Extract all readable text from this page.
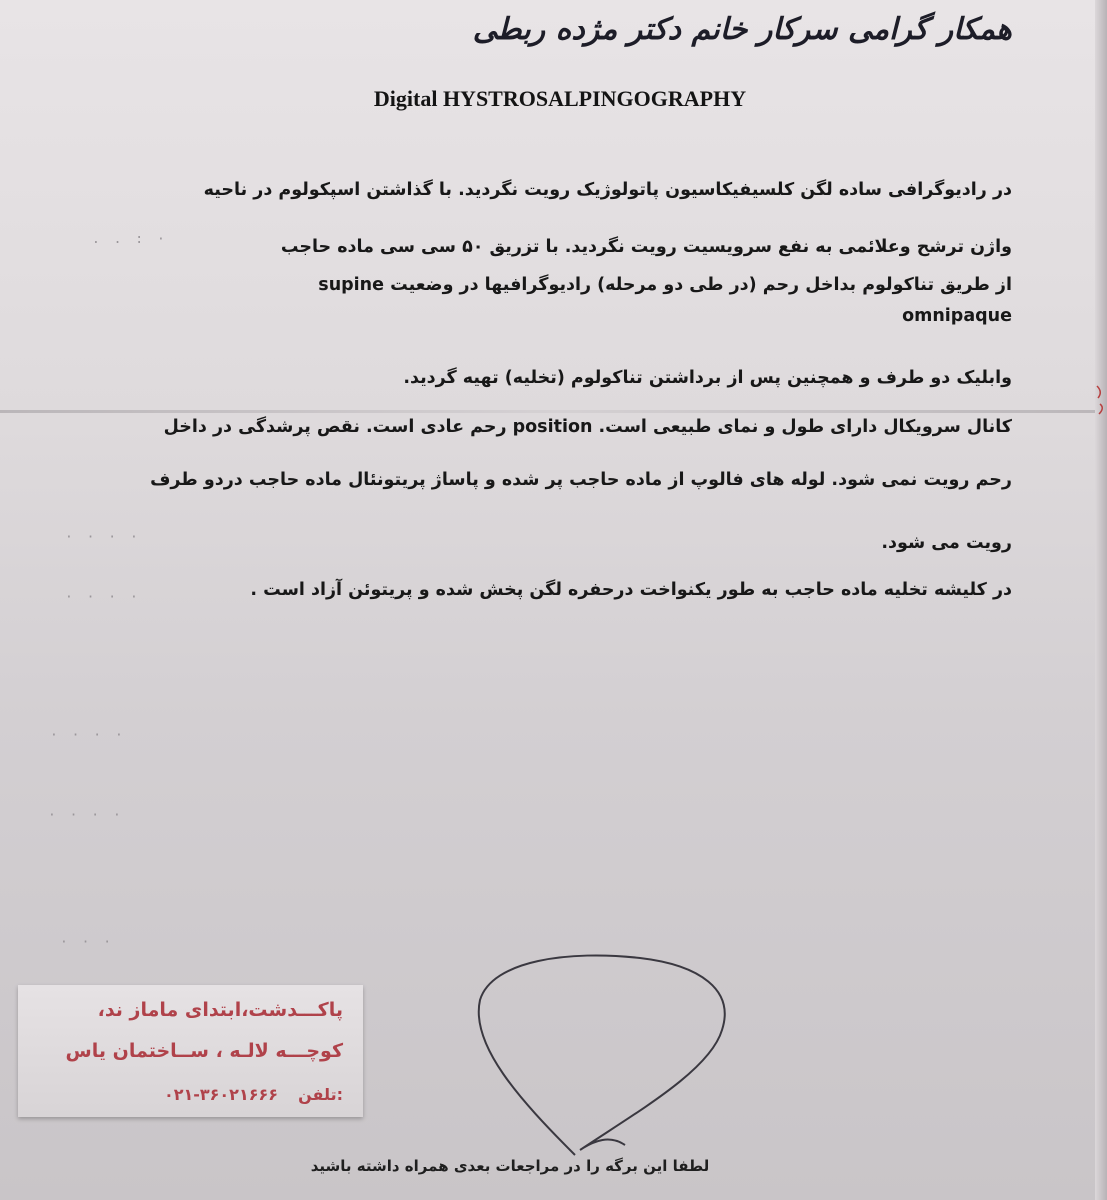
همکار گرامی سرکار خانم دکتر مژده ربطی
Digital HYSTROSALPINGOGRAPHY
در رادیوگرافی ساده لگن کلسیفیکاسیون پاتولوژیک رویت نگردید. با گذاشتن اسپکولوم در ناحیه
واژن ترشح وعلائمی به نفع سرویسیت رویت نگردید. با تزریق ۵۰ سی سی ماده حاجب
از طریق تناکولوم بداخل رحم (در طی دو مرحله) رادیوگرافیها در وضعیت supine
omnipaque
وابلیک دو طرف و همچنین پس از برداشتن تناکولوم (تخلیه) تهیه گردید.
کانال سرویکال دارای طول و نمای طبیعی است. position رحم عادی است. نقص پرشدگی در داخل
رحم رویت نمی شود. لوله های فالوپ از ماده حاجب پر شده و پاساژ پریتونئال ماده حاجب دردو طرف
رویت می شود.
در کلیشه تخلیه ماده حاجب به طور یکنواخت درحفره لگن پخش شده و پریتوئن آزاد است .
. . : ·
· · · ·
· · · ·
· · · ·
· · · ·
· · ·
پاکـــدشت،ابتدای ماماز ند،
کوچـــه لالـه ، ســاختمان یاس
تلفن:
۰۲۱-۳۶۰۲۱۶۶۶
لطفا این برگه را در مراجعات بعدی همراه داشته باشید
